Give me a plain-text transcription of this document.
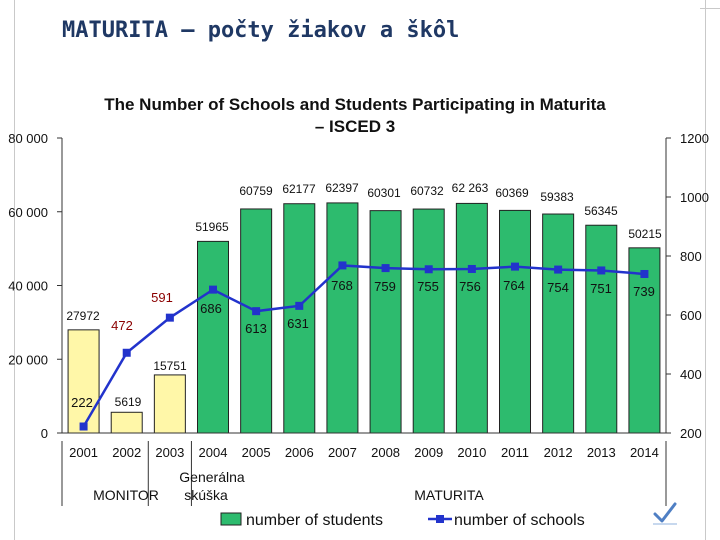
MATURITA – počty žiakov a škôl
The Number of Schools and Students Participating in Maturita
– ISCED 3
0
20 000
40 000
60 000
80 000
200
400
600
800
1000
1200
27972
5619
15751
51965
60759 62177 62397 60301 60732 62 263 60369 59383
56345
50215
222
472
591
686
613 631
768 759 755 756 764 754 751 739
2001 2002 2003 2004 2005 2006 2007 2008 2009 2010 2011 2012 2013 2014
MONITOR
Generálna
skúška	MATURITA
number of students	number of schools
